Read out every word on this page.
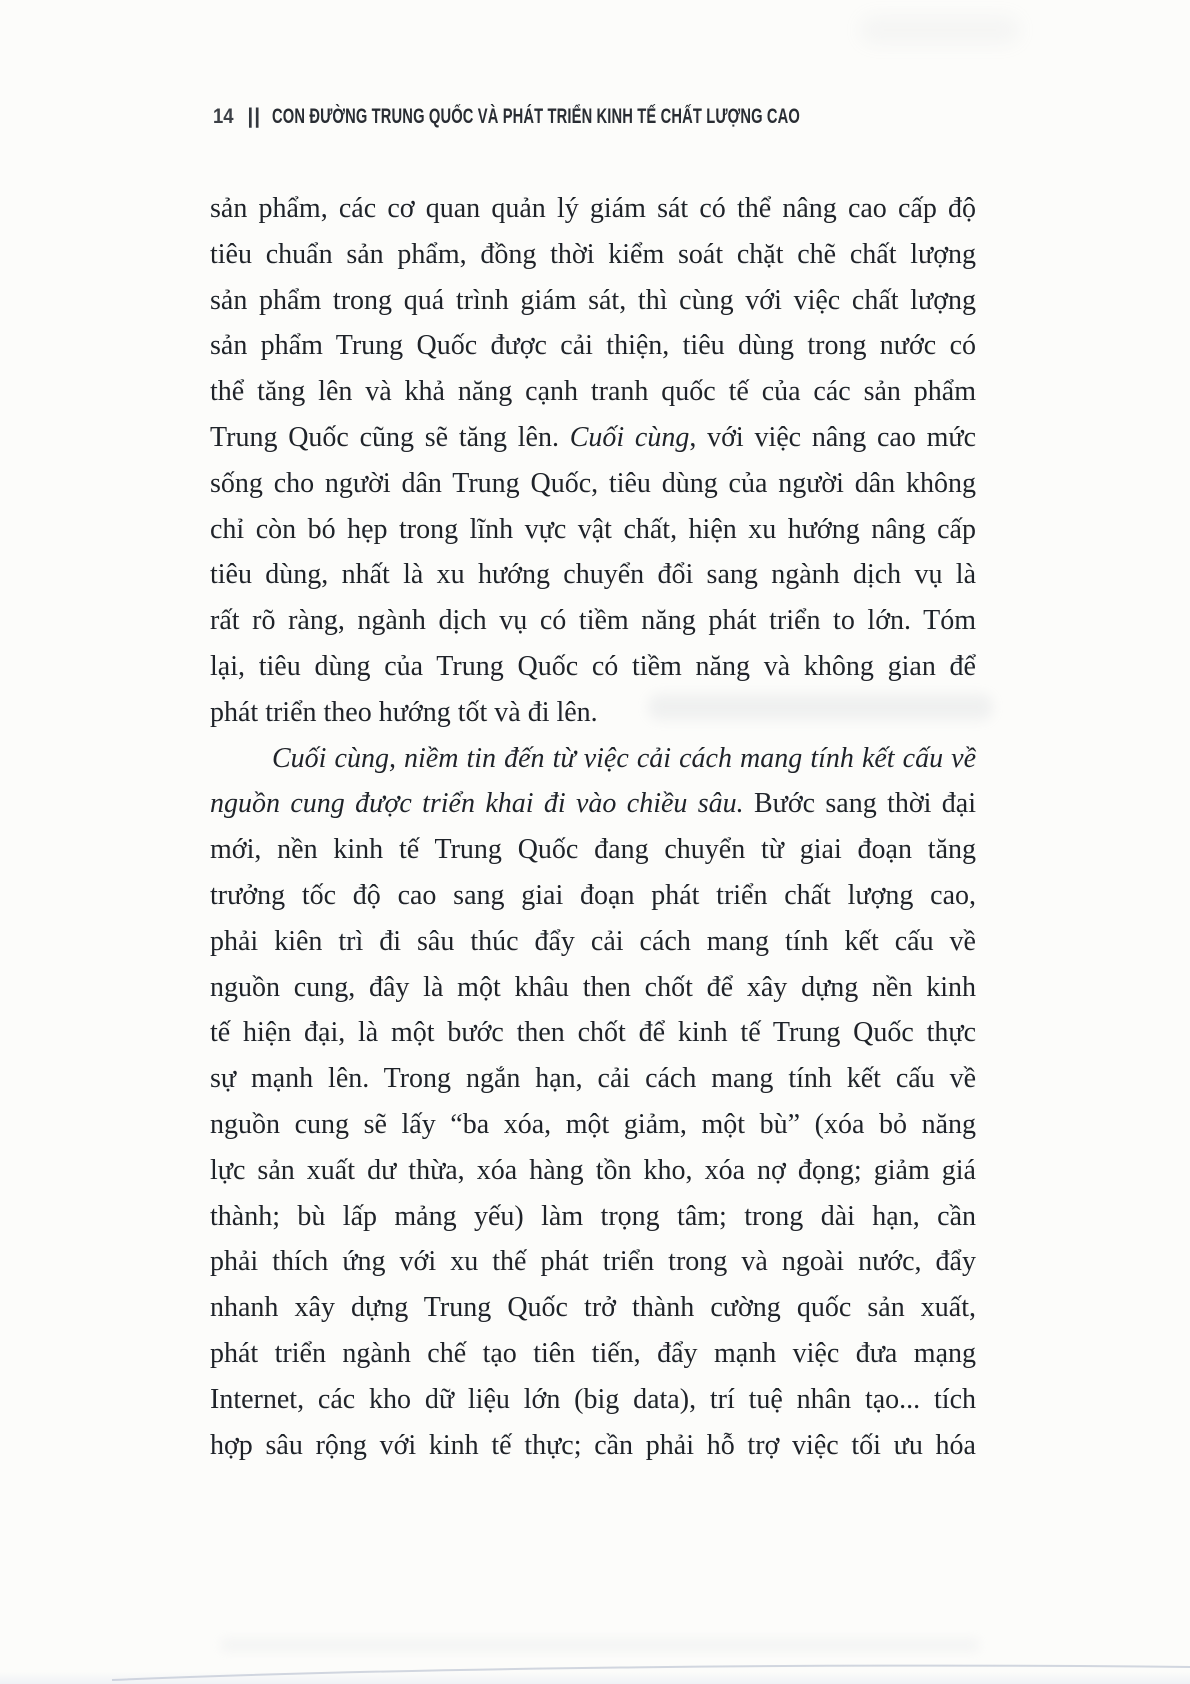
14 || CON ĐƯỜNG TRUNG QUỐC VÀ PHÁT TRIỂN KINH TẾ CHẤT LƯỢNG CAO
sản phẩm, các cơ quan quản lý giám sát có thể nâng cao cấp độ
tiêu chuẩn sản phẩm, đồng thời kiểm soát chặt chẽ chất lượng
sản phẩm trong quá trình giám sát, thì cùng với việc chất lượng
sản phẩm Trung Quốc được cải thiện, tiêu dùng trong nước có
thể tăng lên và khả năng cạnh tranh quốc tế của các sản phẩm
Trung Quốc cũng sẽ tăng lên. Cuối cùng, với việc nâng cao mức
sống cho người dân Trung Quốc, tiêu dùng của người dân không
chỉ còn bó hẹp trong lĩnh vực vật chất, hiện xu hướng nâng cấp
tiêu dùng, nhất là xu hướng chuyển đổi sang ngành dịch vụ là
rất rõ ràng, ngành dịch vụ có tiềm năng phát triển to lớn. Tóm
lại, tiêu dùng của Trung Quốc có tiềm năng và không gian để
phát triển theo hướng tốt và đi lên.
Cuối cùng, niềm tin đến từ việc cải cách mang tính kết cấu về
nguồn cung được triển khai đi vào chiều sâu. Bước sang thời đại
mới, nền kinh tế Trung Quốc đang chuyển từ giai đoạn tăng
trưởng tốc độ cao sang giai đoạn phát triển chất lượng cao,
phải kiên trì đi sâu thúc đẩy cải cách mang tính kết cấu về
nguồn cung, đây là một khâu then chốt để xây dựng nền kinh
tế hiện đại, là một bước then chốt để kinh tế Trung Quốc thực
sự mạnh lên. Trong ngắn hạn, cải cách mang tính kết cấu về
nguồn cung sẽ lấy “ba xóa, một giảm, một bù” (xóa bỏ năng
lực sản xuất dư thừa, xóa hàng tồn kho, xóa nợ đọng; giảm giá
thành; bù lấp mảng yếu) làm trọng tâm; trong dài hạn, cần
phải thích ứng với xu thế phát triển trong và ngoài nước, đẩy
nhanh xây dựng Trung Quốc trở thành cường quốc sản xuất,
phát triển ngành chế tạo tiên tiến, đẩy mạnh việc đưa mạng
Internet, các kho dữ liệu lớn (big data), trí tuệ nhân tạo... tích
hợp sâu rộng với kinh tế thực; cần phải hỗ trợ việc tối ưu hóa
